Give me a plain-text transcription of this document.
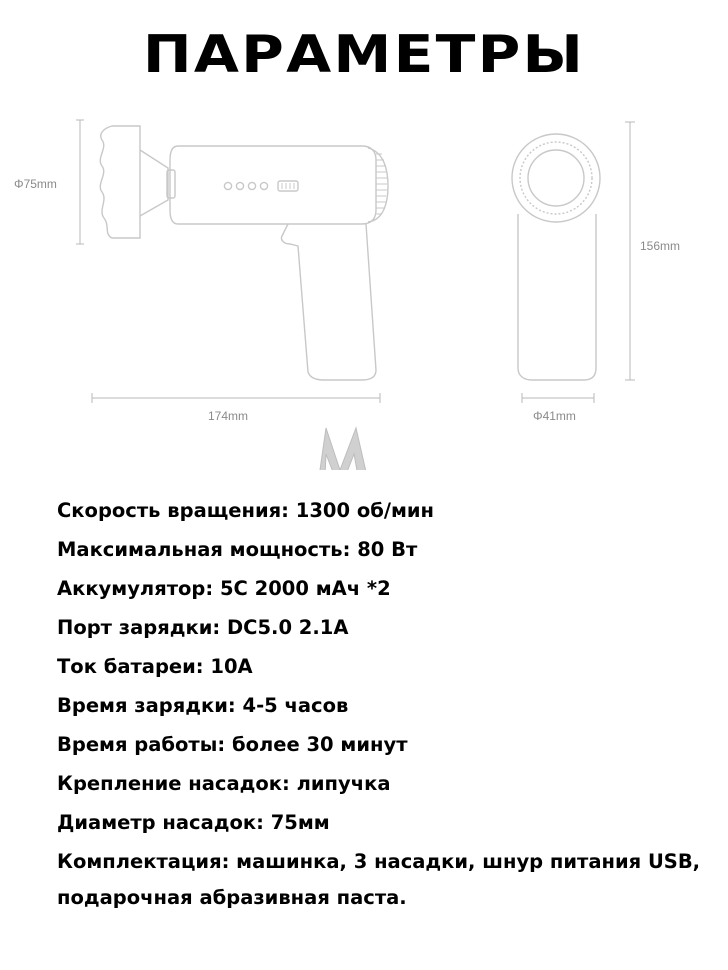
ПАРАМЕТРЫ
Φ75mm
174mm
156mm
Φ41mm
Скорость вращения: 1300 об/мин
Максимальная мощность: 80 Вт
Аккумулятор: 5С 2000 мАч *2
Порт зарядки: DC5.0 2.1A
Ток батареи: 10А
Время зарядки: 4-5 часов
Время работы: более 30 минут
Крепление насадок: липучка
Диаметр насадок: 75мм
Комплектация: машинка, 3 насадки, шнур питания USB, подарочная абразивная паста.
